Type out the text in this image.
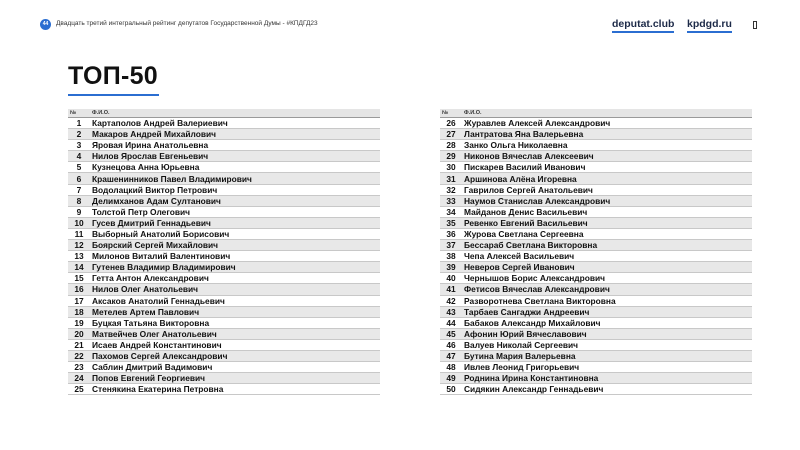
44	Двадцать третий интегральный рейтинг депутатов Государственной Думы - #КПДГД23	deputat.club kpdgd.ru
ТОП-50
№	Ф.И.О.
1	Картаполов Андрей Валериевич
2	Макаров Андрей Михайлович
3	Яровая Ирина Анатольевна
4	Нилов Ярослав Евгеньевич
5	Кузнецова Анна Юрьевна
6	Крашенинников Павел Владимирович
7	Водолацкий Виктор Петрович
8	Делимханов Адам Султанович
9	Толстой Петр Олегович
10	Гусев Дмитрий Геннадьевич
11	Выборный Анатолий Борисович
12	Боярский Сергей Михайлович
13	Милонов Виталий Валентинович
14	Гутенев Владимир Владимирович
15	Гетта Антон Александрович
16	Нилов Олег Анатольевич
17	Аксаков Анатолий Геннадьевич
18	Метелев Артем Павлович
19	Буцкая Татьяна Викторовна
20	Матвейчев Олег Анатольевич
21	Исаев Андрей Константинович
22	Пахомов Сергей Александрович
23	Саблин Дмитрий Вадимович
24	Попов Евгений Георгиевич
25	Стенякина Екатерина Петровна
№	Ф.И.О.
26	Журавлев Алексей Александрович
27	Лантратова Яна Валерьевна
28	Занко Ольга Николаевна
29	Никонов Вячеслав Алексеевич
30	Пискарев Василий Иванович
31	Аршинова Алёна Игоревна
32	Гаврилов Сергей Анатольевич
33	Наумов Станислав Александрович
34	Майданов Денис Васильевич
35	Ревенко Евгений Васильевич
36	Журова Светлана Сергеевна
37	Бессараб Светлана Викторовна
38	Чепа Алексей Васильевич
39	Неверов Сергей Иванович
40	Чернышов Борис Александрович
41	Фетисов Вячеслав Александрович
42	Разворотнева Светлана Викторовна
43	Тарбаев Сангаджи Андреевич
44	Бабаков Александр Михайлович
45	Афонин Юрий Вячеславович
46	Валуев Николай Сергеевич
47	Бутина Мария Валерьевна
48	Ивлев Леонид Григорьевич
49	Роднина Ирина Константиновна
50	Сидякин Александр Геннадьевич
